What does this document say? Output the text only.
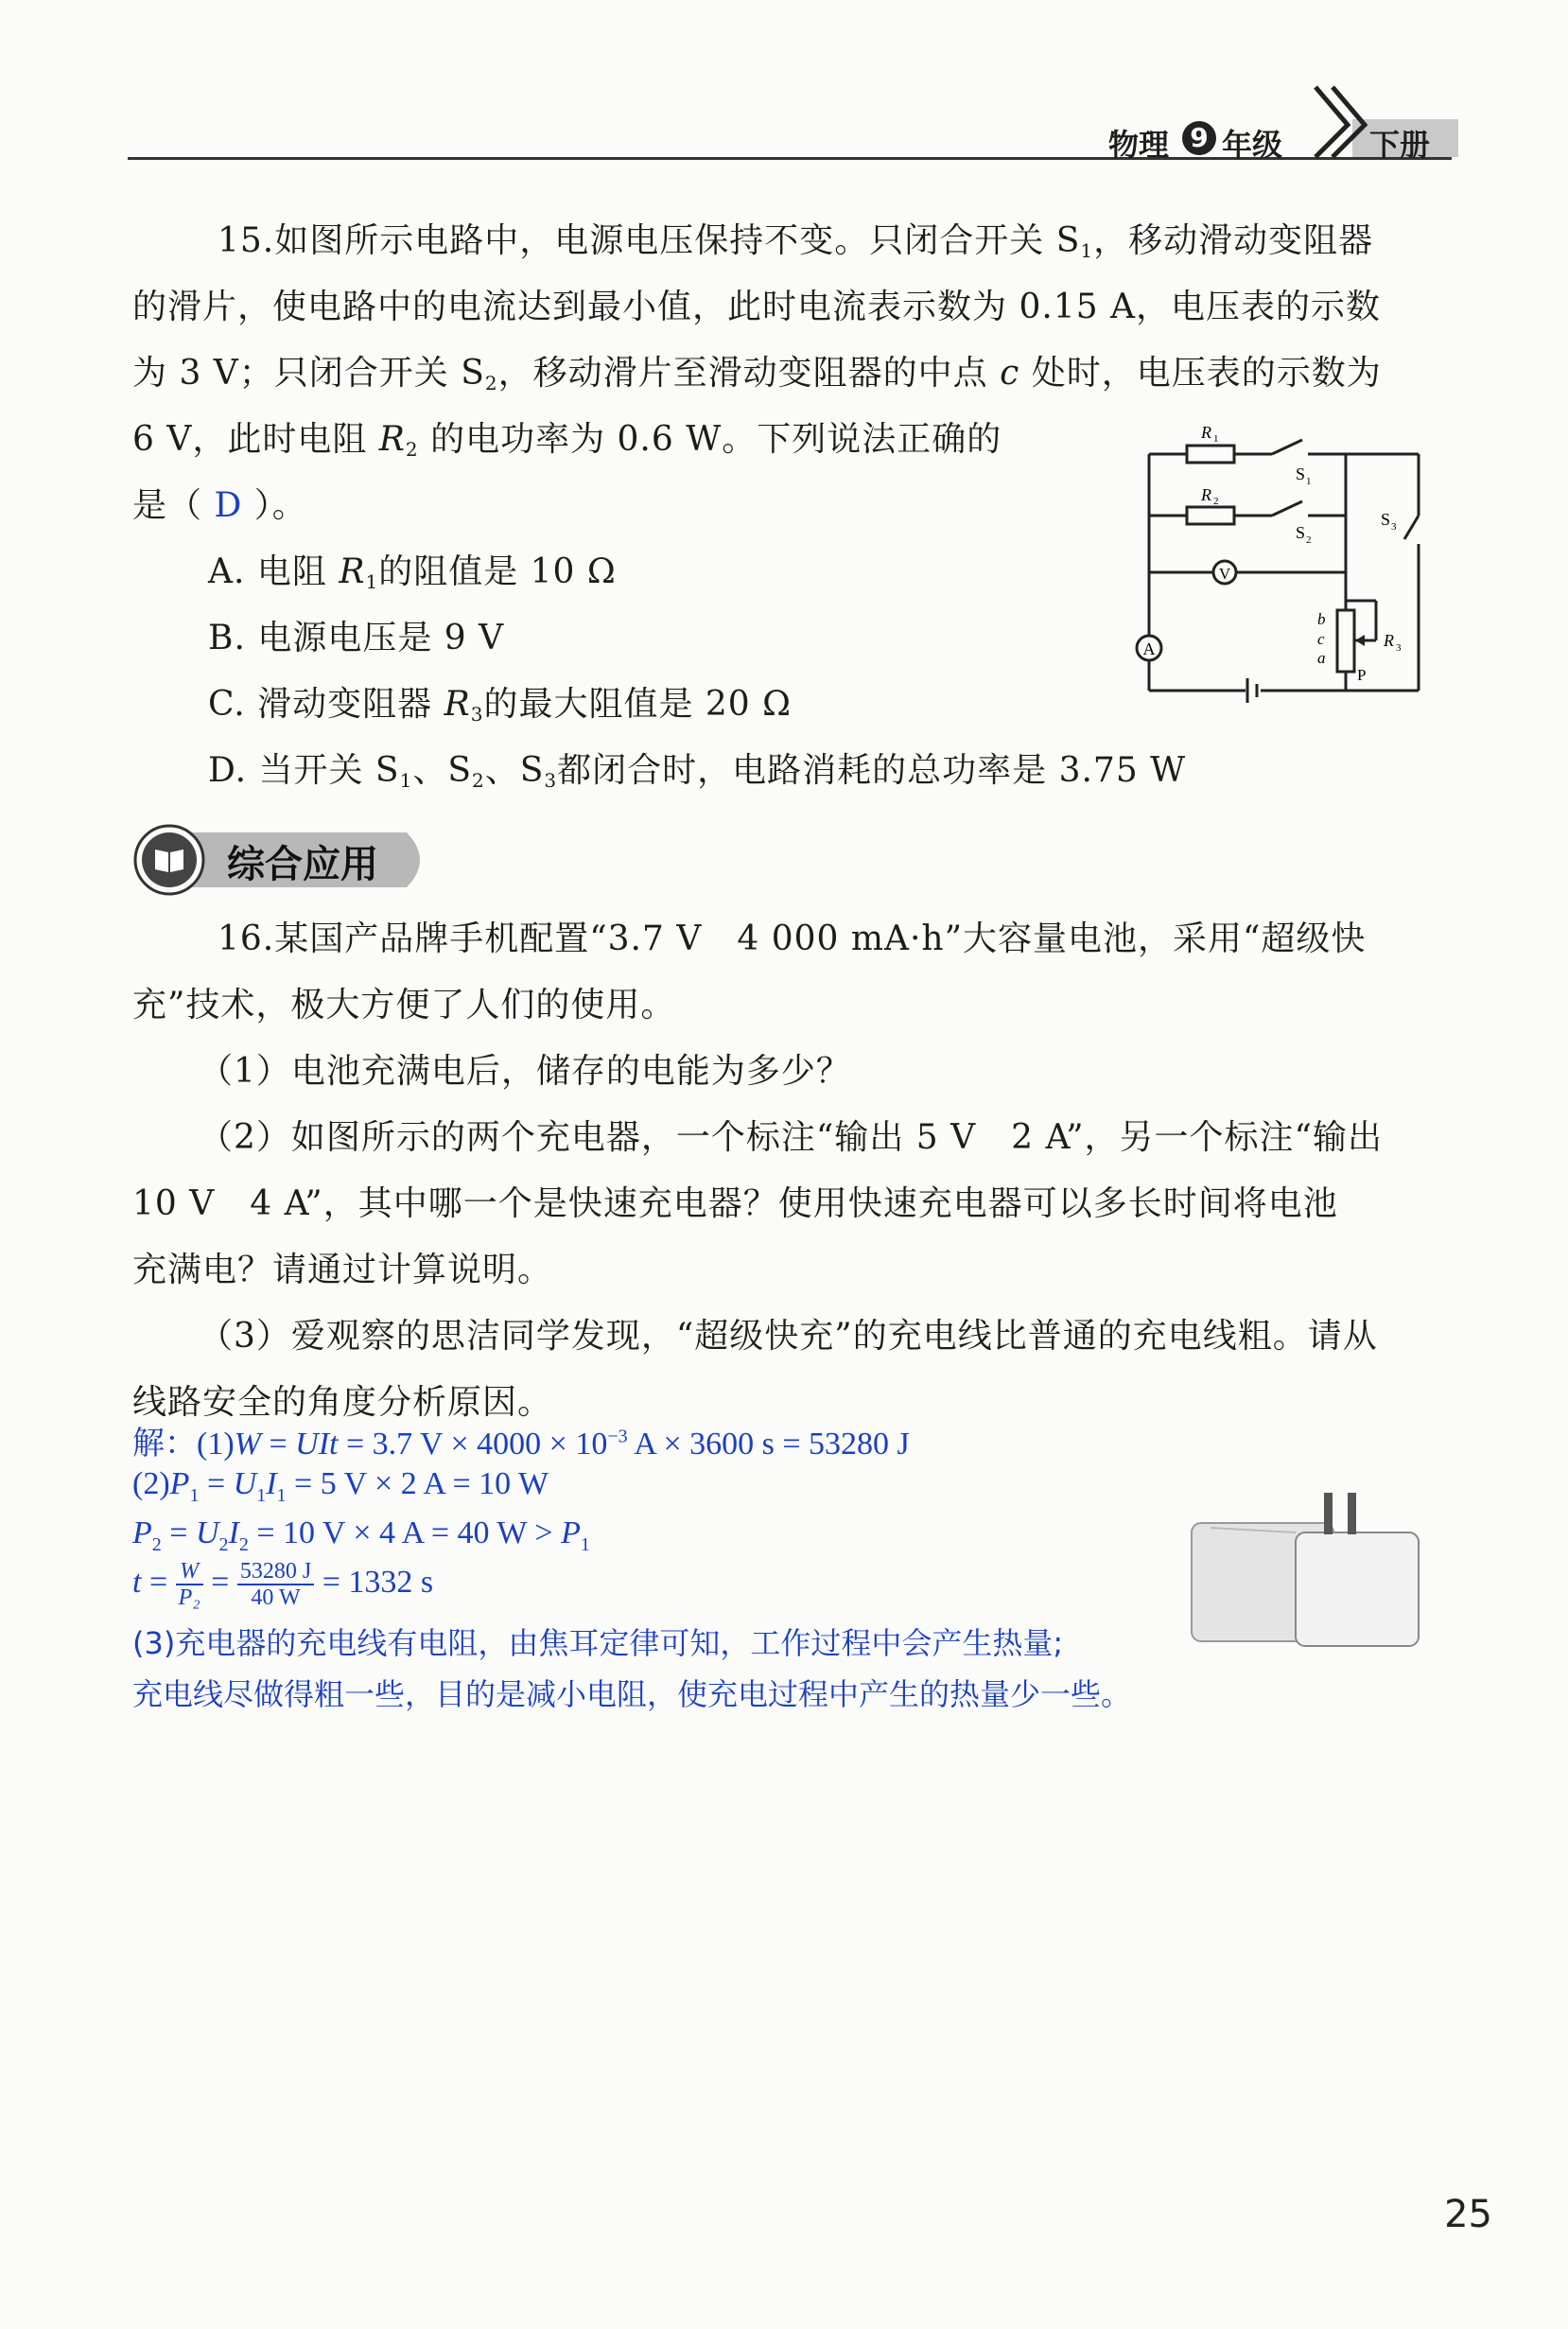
物理 9 年级	下册
15.如图所示电路中，电源电压保持不变。只闭合开关 $S_1$，移动滑动变阻器
的滑片，使电路中的电流达到最小值，此时电流表示数为 0.15 A，电压表的示数
为 3 V；只闭合开关 $S_2$，移动滑片至滑动变阻器的中点 c 处时，电压表的示数为
6 V，此时电阻 $R_2$ 的电功率为 0.6 W。下列说法正确的
是（ D ）。
A. 电阻 $R_1$的阻值是 10 Ω
B. 电源电压是 9 V
C. 滑动变阻器 $R_3$的最大阻值是 20 Ω
D. 当开关 $S_1$、$S_2$、$S_3$都闭合时，电路消耗的总功率是 3.75 W
V
A
R 1
R 2
S 1
S 2
S 3
b
c
a
R 3
P
综合应用
16.某国产品牌手机配置“3.7 V　4 000 mA·h”大容量电池，采用“超级快
充”技术，极大方便了人们的使用。
（1）电池充满电后，储存的电能为多少？
（2）如图所示的两个充电器，一个标注“输出 5 V　2 A”，另一个标注“输出
10 V　4 A”，其中哪一个是快速充电器？使用快速充电器可以多长时间将电池
充满电？请通过计算说明。
（3）爱观察的思洁同学发现，“超级快充”的充电线比普通的充电线粗。请从
线路安全的角度分析原因。
解：(1)W = UIt = 3.7 $V \times 4000 \times 10^{-3}$ A × 3600 s = 53280 J
$(2)P_1 = U_1I_1 = 5$ V × 2 A = 10 W
$P_2 = U_2I_2 = 10$ V × 4 A = 40 $W > P_1$
$t = \frac{W}{\text{P₂}} = \frac{53280 J}{40 W} = 1332$ s
(3)充电器的充电线有电阻，由焦耳定律可知，工作过程中会产生热量;
充电线尽做得粗一些，目的是减小电阻，使充电过程中产生的热量少一些。
25
